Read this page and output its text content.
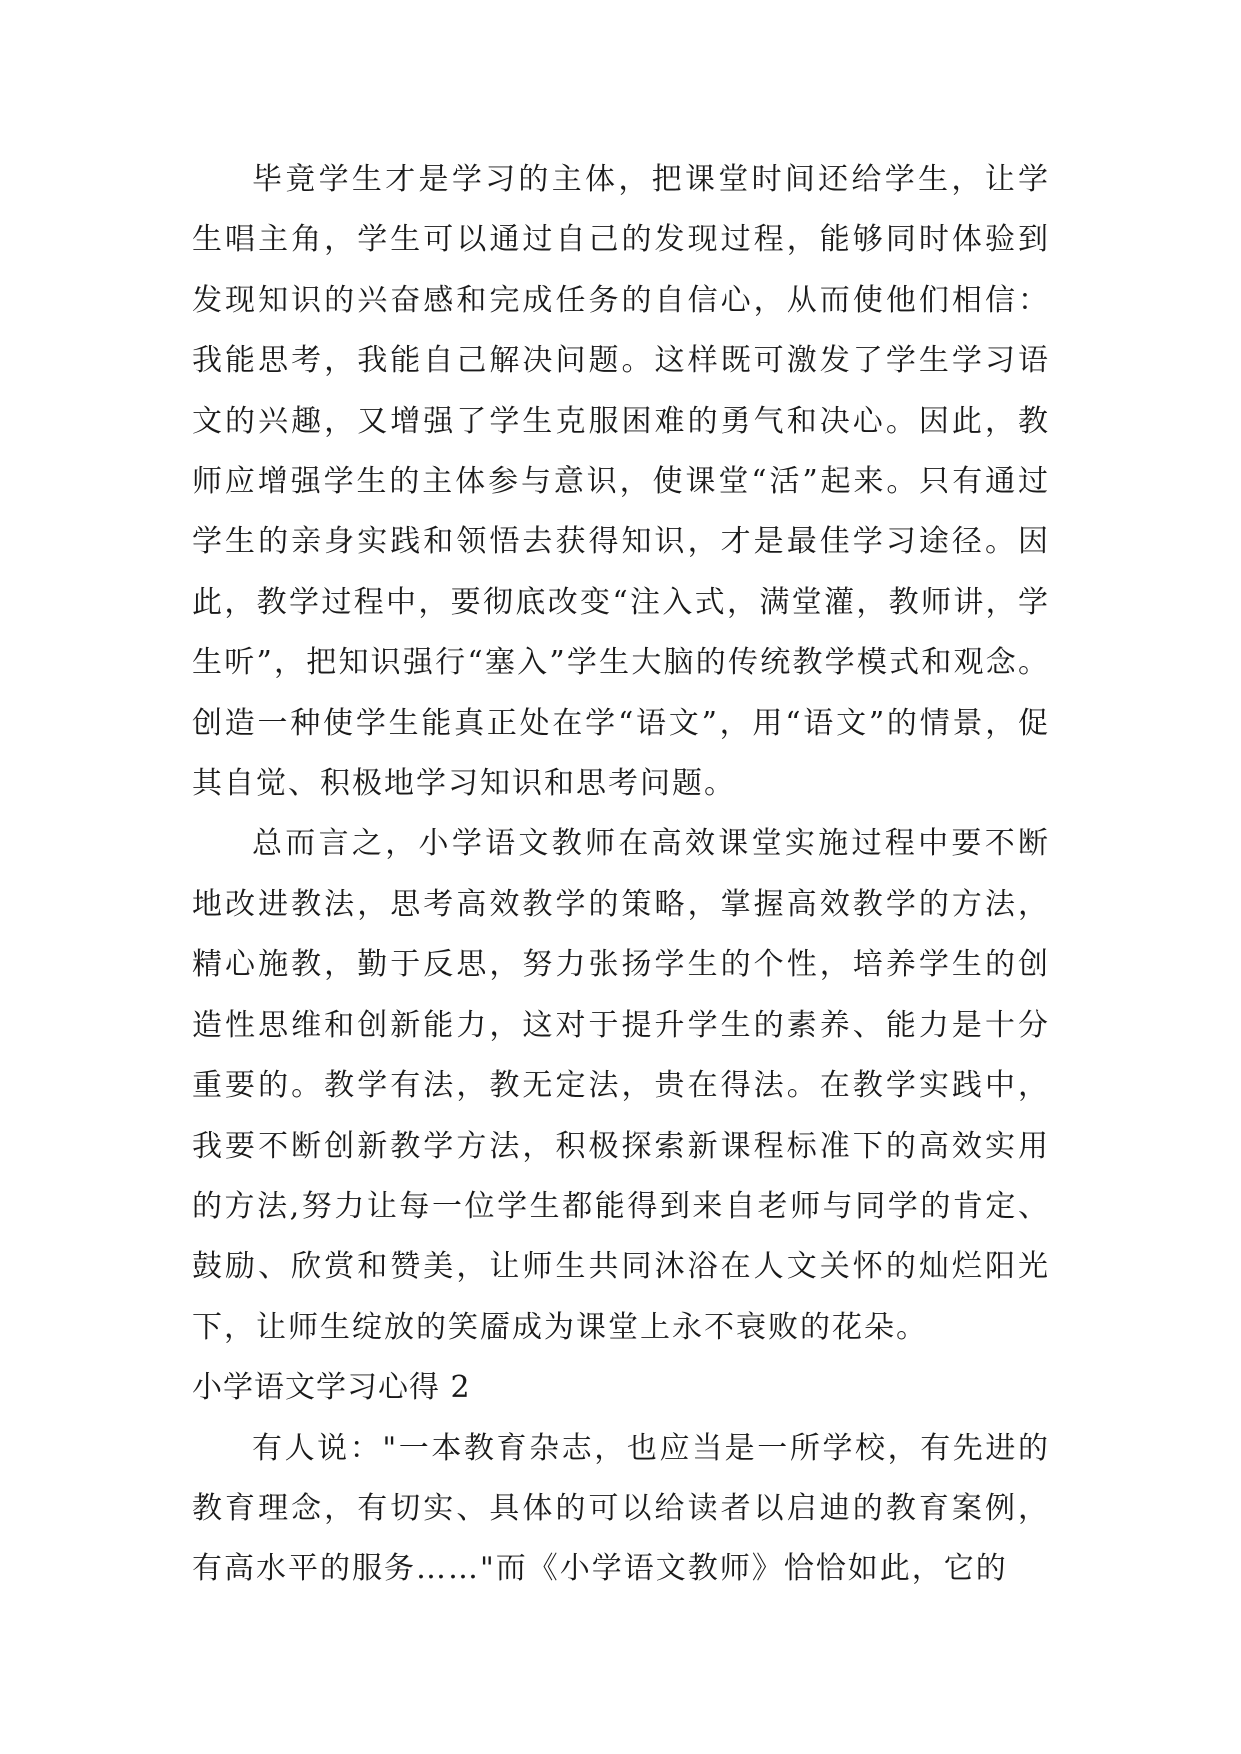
毕竟学生才是学习的主体，把课堂时间还给学生，让学生唱主角，学生可以通过自己的发现过程，能够同时体验到发现知识的兴奋感和完成任务的自信心，从而使他们相信：我能思考，我能自己解决问题。这样既可激发了学生学习语文的兴趣，又增强了学生克服困难的勇气和决心。因此，教师应增强学生的主体参与意识，使课堂“活”起来。只有通过学生的亲身实践和领悟去获得知识，才是最佳学习途径。因此，教学过程中，要彻底改变“注入式，满堂灌，教师讲，学生听”，把知识强行“塞入”学生大脑的传统教学模式和观念。创造一种使学生能真正处在学“语文”，用“语文”的情景，促其自觉、积极地学习知识和思考问题。

总而言之，小学语文教师在高效课堂实施过程中要不断地改进教法，思考高效教学的策略，掌握高效教学的方法，精心施教，勤于反思，努力张扬学生的个性，培养学生的创造性思维和创新能力，这对于提升学生的素养、能力是十分重要的。教学有法，教无定法，贵在得法。在教学实践中，我要不断创新教学方法，积极探索新课程标准下的高效实用的方法,努力让每一位学生都能得到来自老师与同学的肯定、鼓励、欣赏和赞美，让师生共同沐浴在人文关怀的灿烂阳光下，让师生绽放的笑靥成为课堂上永不衰败的花朵。

小学语文学习心得 2

有人说："一本教育杂志，也应当是一所学校，有先进的教育理念，有切实、具体的可以给读者以启迪的教育案例，有高水平的服务……"而《小学语文教师》恰恰如此，它的
